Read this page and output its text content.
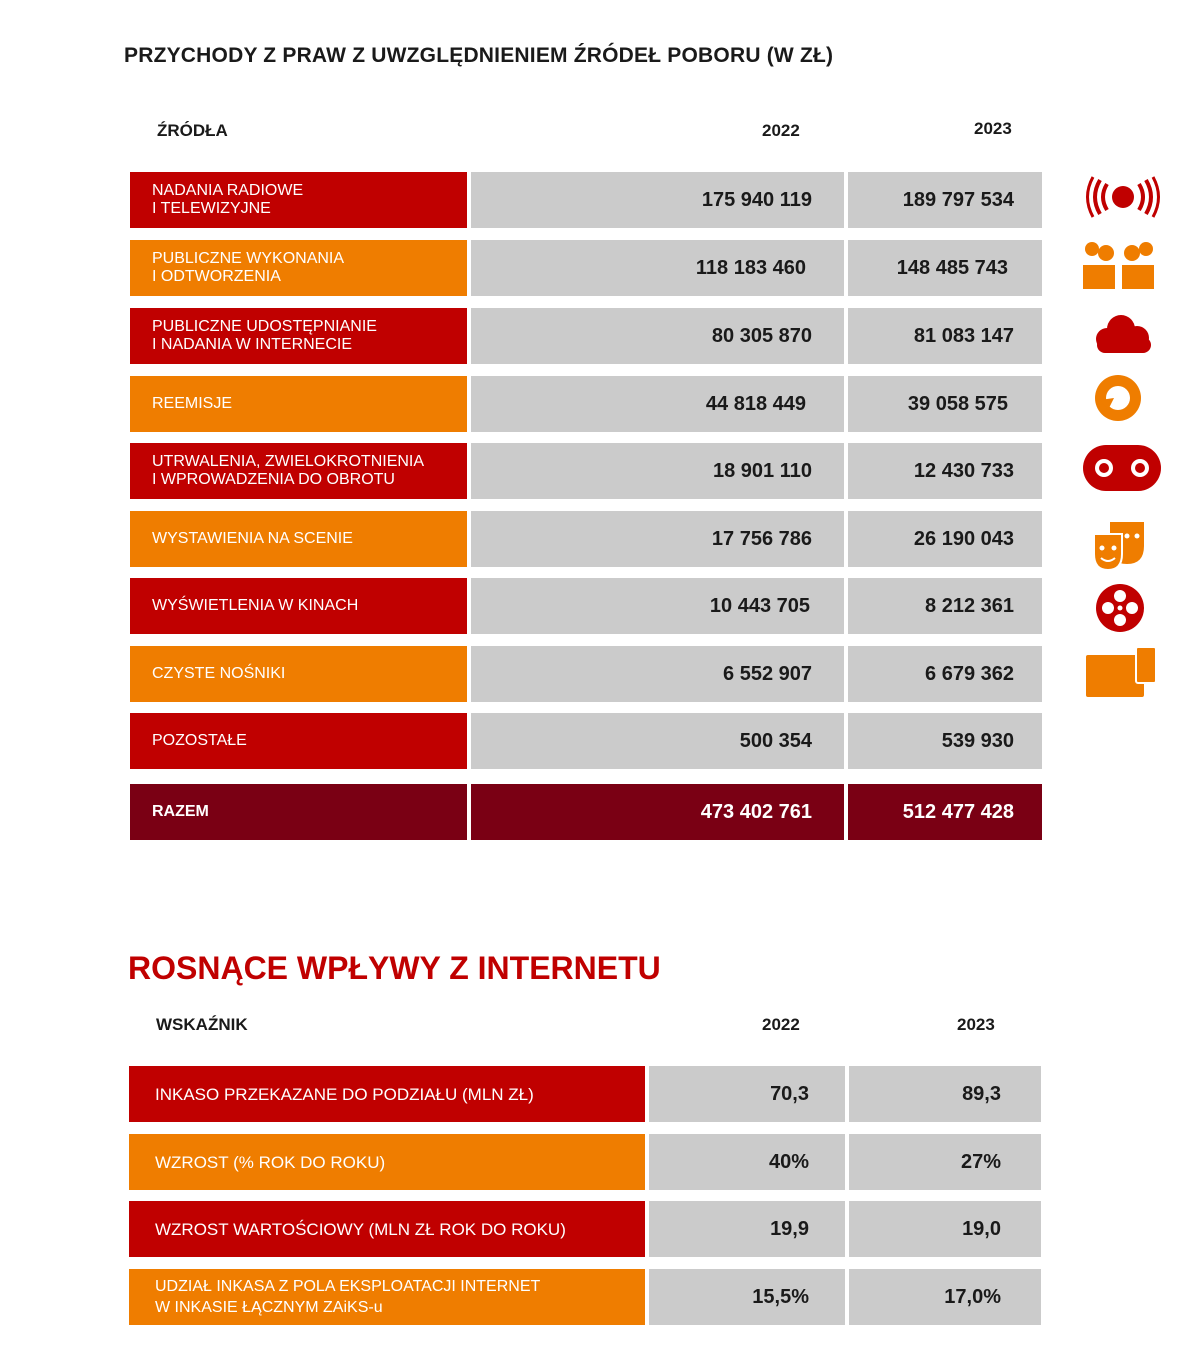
PRZYCHODY Z PRAW Z UWZGLĘDNIENIEM ŹRÓDEŁ POBORU (W ZŁ)
ŹRÓDŁA	2022	2023
NADANIA RADIOWE
I TELEWIZYJNE	175 940 119	189 797 534
PUBLICZNE WYKONANIA
I ODTWORZENIA	118 183 460	148 485 743
PUBLICZNE UDOSTĘPNIANIE
I NADANIA W INTERNECIE	80 305 870	81 083 147
REEMISJE	44 818 449	39 058 575
UTRWALENIA, ZWIELOKROTNIENIA
I WPROWADZENIA DO OBROTU	18 901 110	12 430 733
WYSTAWIENIA NA SCENIE	17 756 786	26 190 043
WYŚWIETLENIA W KINACH	10 443 705	8 212 361
CZYSTE NOŚNIKI	6 552 907	6 679 362
POZOSTAŁE	500 354	539 930
RAZEM	473 402 761	512 477 428
ROSNĄCE WPŁYWY Z INTERNETU
WSKAŹNIK	2022	2023
INKASO PRZEKAZANE DO PODZIAŁU (MLN ZŁ)	70,3	89,3
WZROST (% ROK DO ROKU)	40%	27%
WZROST WARTOŚCIOWY (MLN ZŁ ROK DO ROKU)	19,9	19,0
UDZIAŁ INKASA Z POLA EKSPLOATACJI INTERNET
W INKASIE ŁĄCZNYM ZAiKS-u	15,5%	17,0%
